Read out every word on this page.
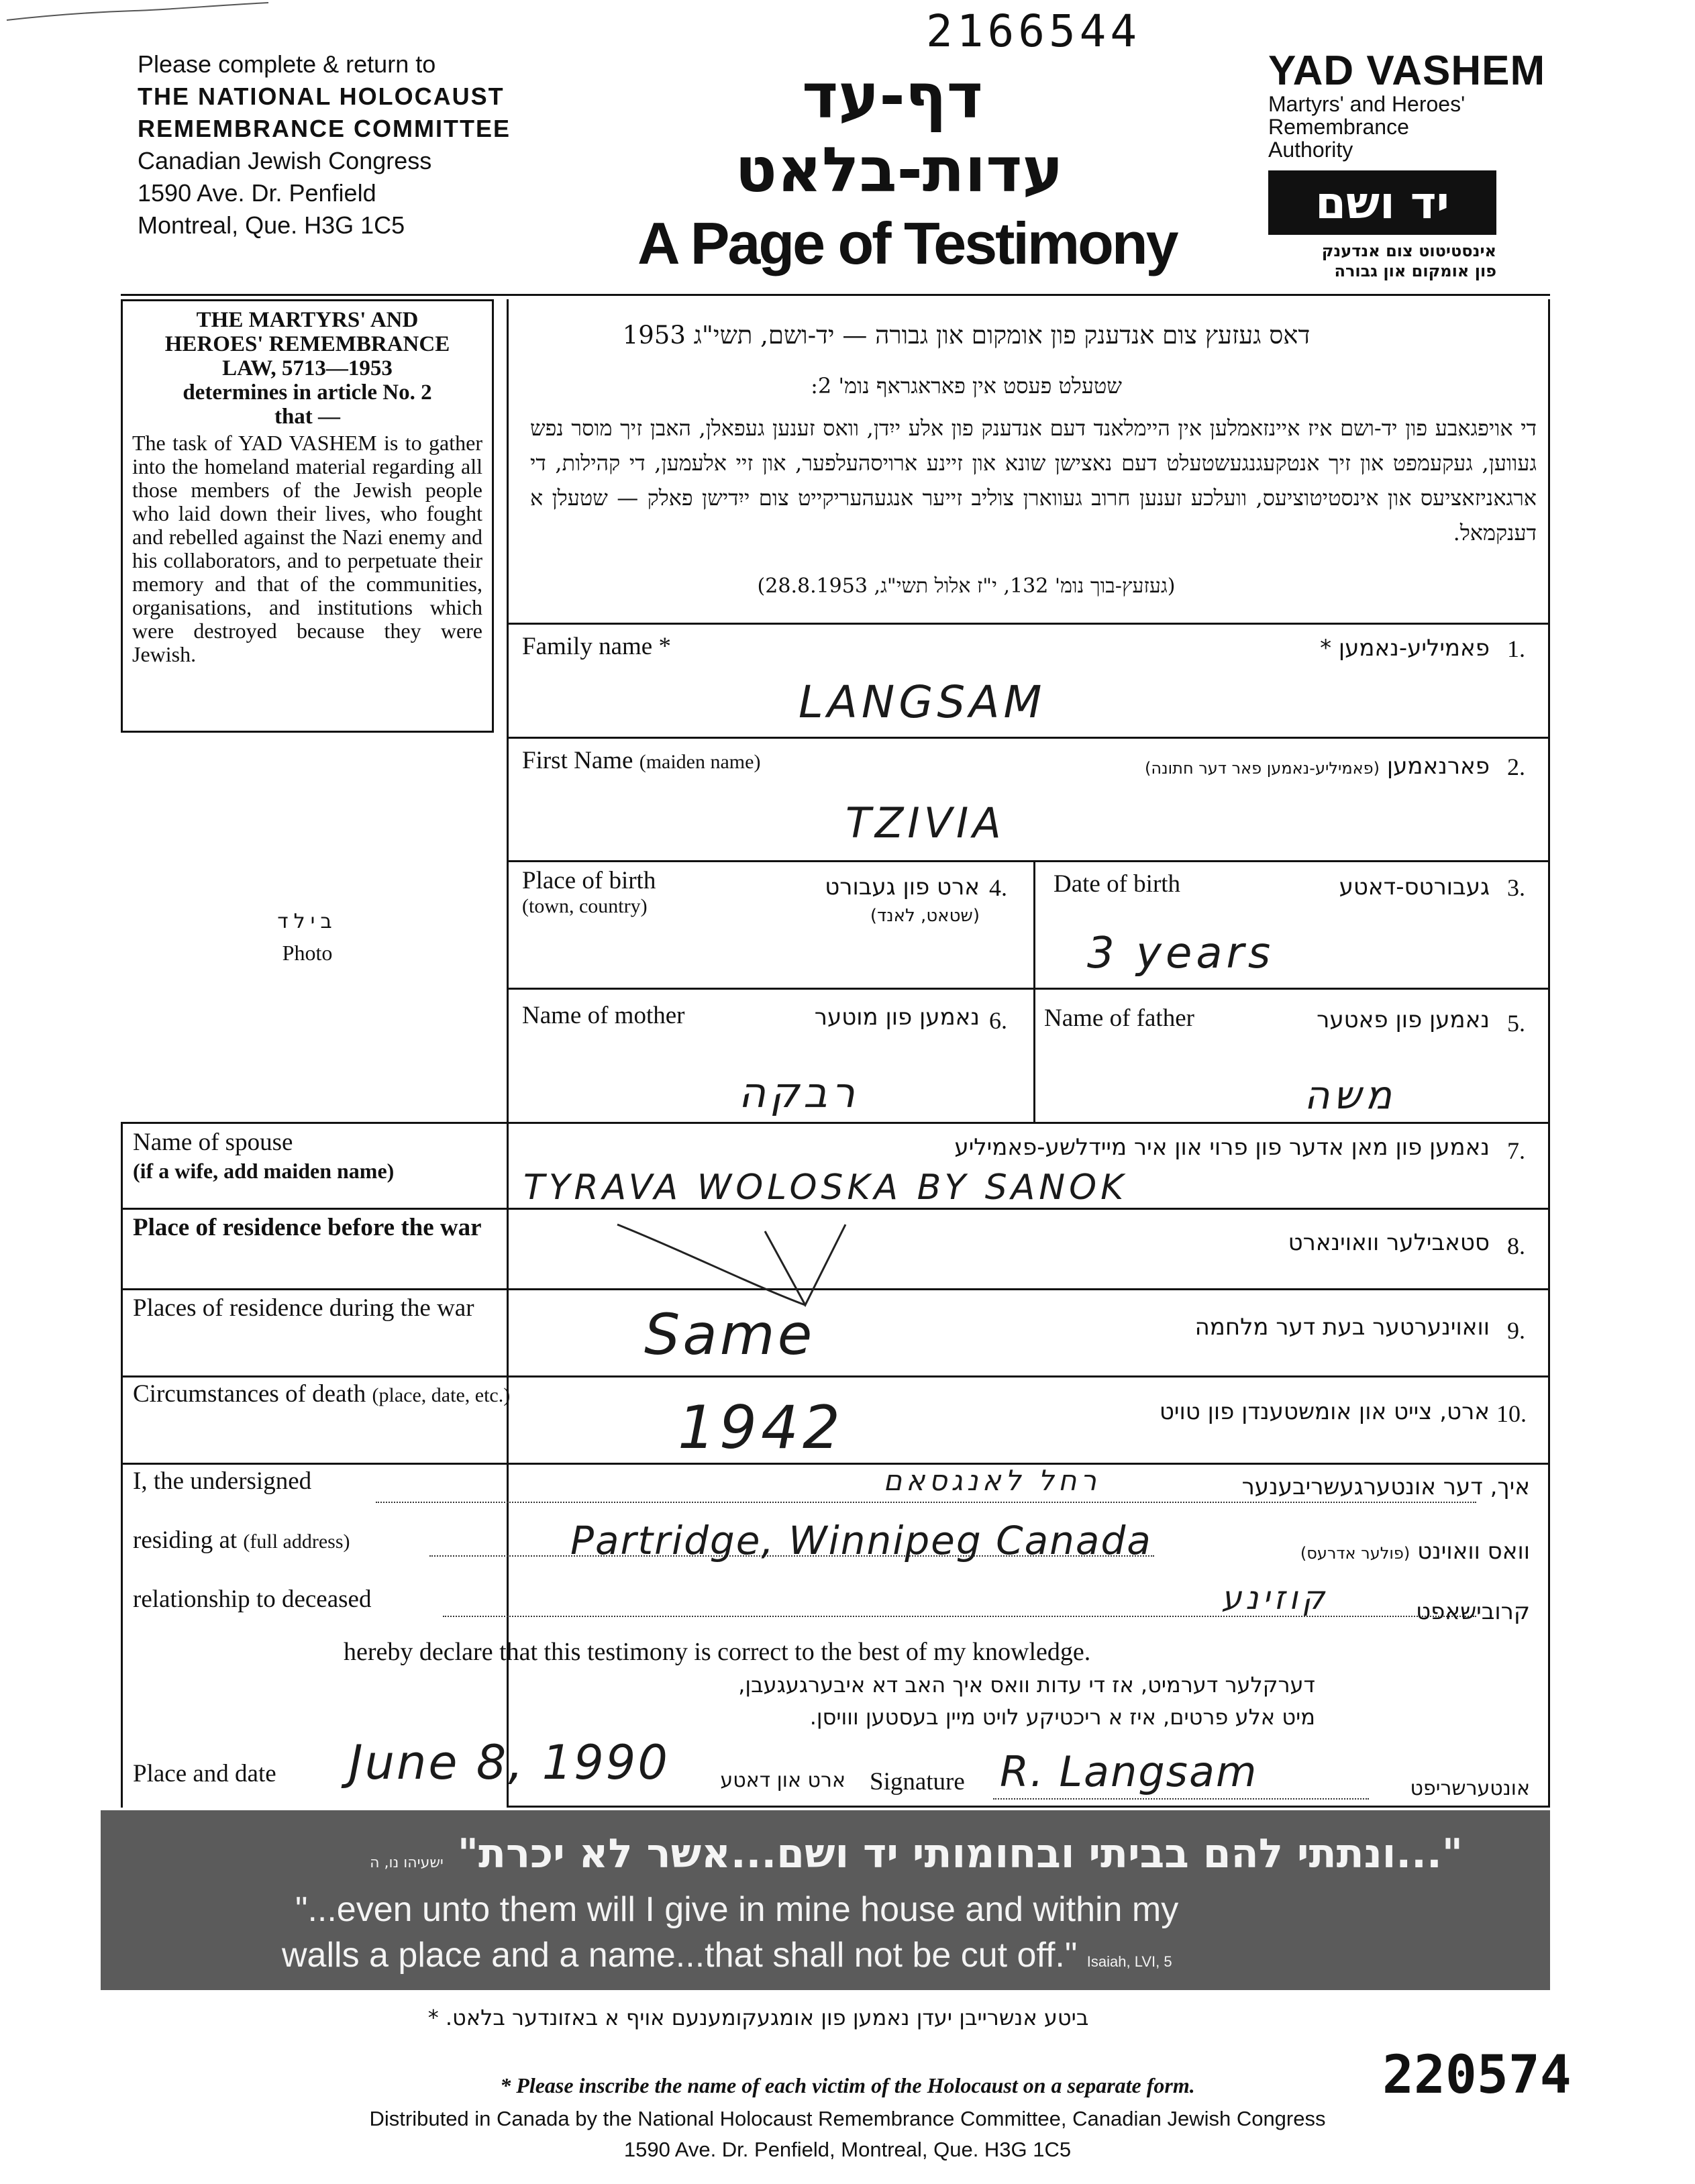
Please complete & return to
THE NATIONAL HOLOCAUST
REMEMBRANCE COMMITTEE
Canadian Jewish Congress
1590 Ave. Dr. Penfield
Montreal, Que. H3G 1C5
2166544
דף-עד
עדות-בלאט
A Page of Testimony
YAD VASHEM
Martyrs' and Heroes'
Remembrance
Authority
יד ושם
אינסטיטוט צום אנדענק
פון אומקום און גבורה
THE MARTYRS' AND
HEROES' REMEMBRANCE
LAW, 5713—1953
determines in article No. 2
that —
The task of YAD VASHEM is to gather into the homeland material regarding all those members of the Jewish people who laid down their lives, who fought and rebelled against the Nazi enemy and his collaborators, and to perpetuate their memory and that of the communities, organisations, and institutions which were destroyed because they were Jewish.
בילד
Photo
דאס געזעץ צום אנדענק פון אומקום און גבורה — יד-ושם, תשי"ג 1953
שטעלט פעסט אין פאראגראף נומ' 2:
די אויפגאבע פון יד-ושם איז איינזאמלען אין היימלאנד דעם אנדענק פון אלע ייִדן, וואס זענען געפאלן, האבן זיך מוסר נפש געווען, געקעמפט און זיך אנטקעגנגעשטעלט דעם נאצישן שונא און זיינע ארויסהעלפער, און זיי אלעמען, די קהילות, די ארגאניזאציעס און אינסטיטוציעס, וועלכע זענען חרוב געווארן צוליב זייער אנגעהעריקייט צום ייִדישן פאלק — שטעלן א דענקמאל.
(געזעץ-בוך נומ' 132, י"ז אלול תשי"ג, 28.8.1953)
Family name *	פאמיליע-נאמען * 1.
LANGSAM
First Name (maiden name)	פארנאמען (פאמיליע-נאמען פאר דער חתונה)	2.
TZIVIA
Place of birth
(town, country)
ארט פון געבורט
(שטאט, לאנד)
4. Date of birth	געבורטס-דאטע 3.
3 years
Name of mother	נאמען פון מוטער 6.
רבקה
Name of father	נאמען פון פאטער 5.
משה
Name of spouse
(if a wife, add maiden name)
נאמען פון מאן אדער פון פרוי און איר מיידלשע-פאמיליע 7.
TYRAVA WOLOSKA BY SANOK
Place of residence before the war
סטאבילער וואוינארט 8.
Places of residence during the war
וואוינערטער בעת דער מלחמה 9.
Same
Circumstances of death (place, date, etc.)
ארט, צייט און אומשטענדן פון טויט 10.
1942
I, the undersigned	רחל לאנגסאם	איך, דער אונטערגעשריבענער
residing at (full address)	Partridge, Winnipeg Canada	וואס וואוינט (פולער אדרעס)
relationship to deceased	קוזינע	קרובישאפט
hereby declare that this testimony is correct to the best of my knowledge.
דערקלער דערמיט, אז די עדות וואס איך האב דא איבערגעגעבן,
מיט אלע פרטים, איז א ריכטיקע לויט מיין בעסטען ווויסן.
Place and date June 8, 1990	ארט און דאטע Signature R. Langsam	אונטערשריפט
"...ונתתי להם בביתי ובחומותי יד ושם...אשר לא יכרת" ישעיהו נו, ה
"...even unto them will I give in mine house and within my
walls a place and a name...that shall not be cut off." Isaiah, LVI, 5
ביטע אנשרייבן יעדן נאמען פון אומגעקומענעם אויף א באזונדער בלאט. *
* Please inscribe the name of each victim of the Holocaust on a separate form.
Distributed in Canada by the National Holocaust Remembrance Committee, Canadian Jewish Congress
1590 Ave. Dr. Penfield, Montreal, Que. H3G 1C5
220574
